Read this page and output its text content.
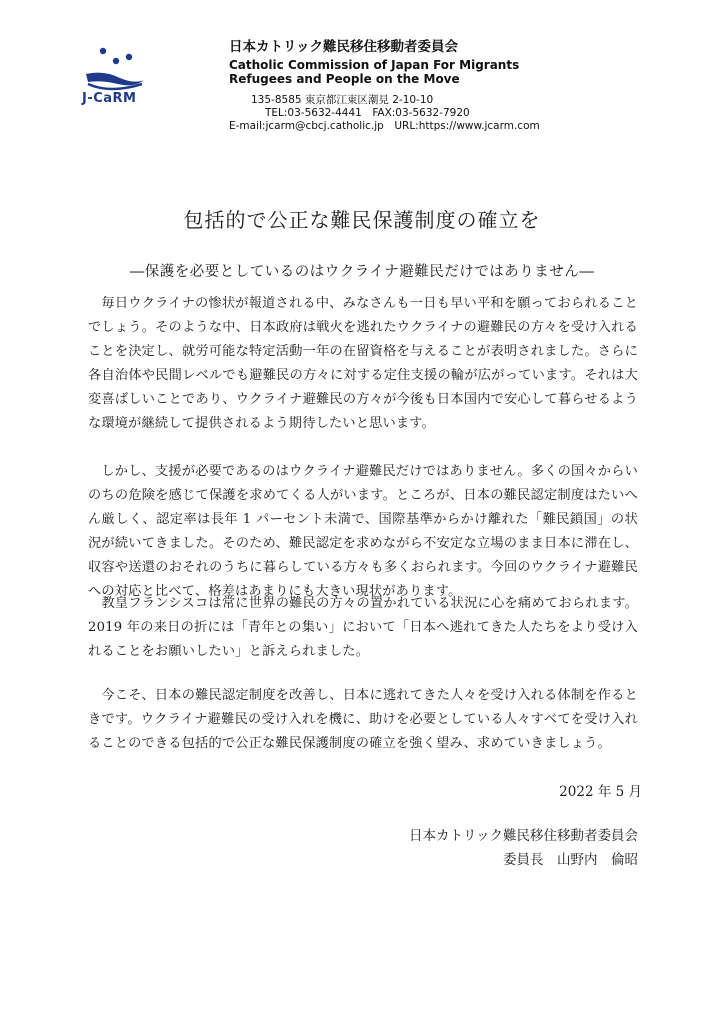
J-CaRM
日本カトリック難民移住移動者委員会
Catholic Commission of Japan For Migrants
Refugees and People on the Move
135-8585 東京都江東区潮見 2-10-10
TEL:03-5632-4441　FAX:03-5632-7920
E-mail:jcarm@cbcj.catholic.jp　URL:https://www.jcarm.com
包括的で公正な難民保護制度の確立を
―保護を必要としているのはウクライナ避難民だけではありません―
　毎日ウクライナの惨状が報道される中、みなさんも一日も早い平和を願っておられることでしょう。そのような中、日本政府は戦火を逃れたウクライナの避難民の方々を受け入れることを決定し、就労可能な特定活動一年の在留資格を与えることが表明されました。さらに各自治体や民間レベルでも避難民の方々に対する定住支援の輪が広がっています。それは大変喜ばしいことであり、ウクライナ避難民の方々が今後も日本国内で安心して暮らせるような環境が継続して提供されるよう期待したいと思います。
　しかし、支援が必要であるのはウクライナ避難民だけではありません。多くの国々からいのちの危険を感じて保護を求めてくる人がいます。ところが、日本の難民認定制度はたいへん厳しく、認定率は長年 1 パーセント未満で、国際基準からかけ離れた「難民鎖国」の状況が続いてきました。そのため、難民認定を求めながら不安定な立場のまま日本に滞在し、収容や送還のおそれのうちに暮らしている方々も多くおられます。今回のウクライナ避難民への対応と比べて、格差はあまりにも大きい現状があります。
　教皇フランシスコは常に世界の難民の方々の置かれている状況に心を痛めておられます。2019 年の来日の折には「青年との集い」において「日本へ逃れてきた人たちをより受け入れることをお願いしたい」と訴えられました。
　今こそ、日本の難民認定制度を改善し、日本に逃れてきた人々を受け入れる体制を作るときです。ウクライナ避難民の受け入れを機に、助けを必要としている人々すべてを受け入れることのできる包括的で公正な難民保護制度の確立を強く望み、求めていきましょう。
2022 年 5 月
日本カトリック難民移住移動者委員会
委員長　山野内　倫昭
